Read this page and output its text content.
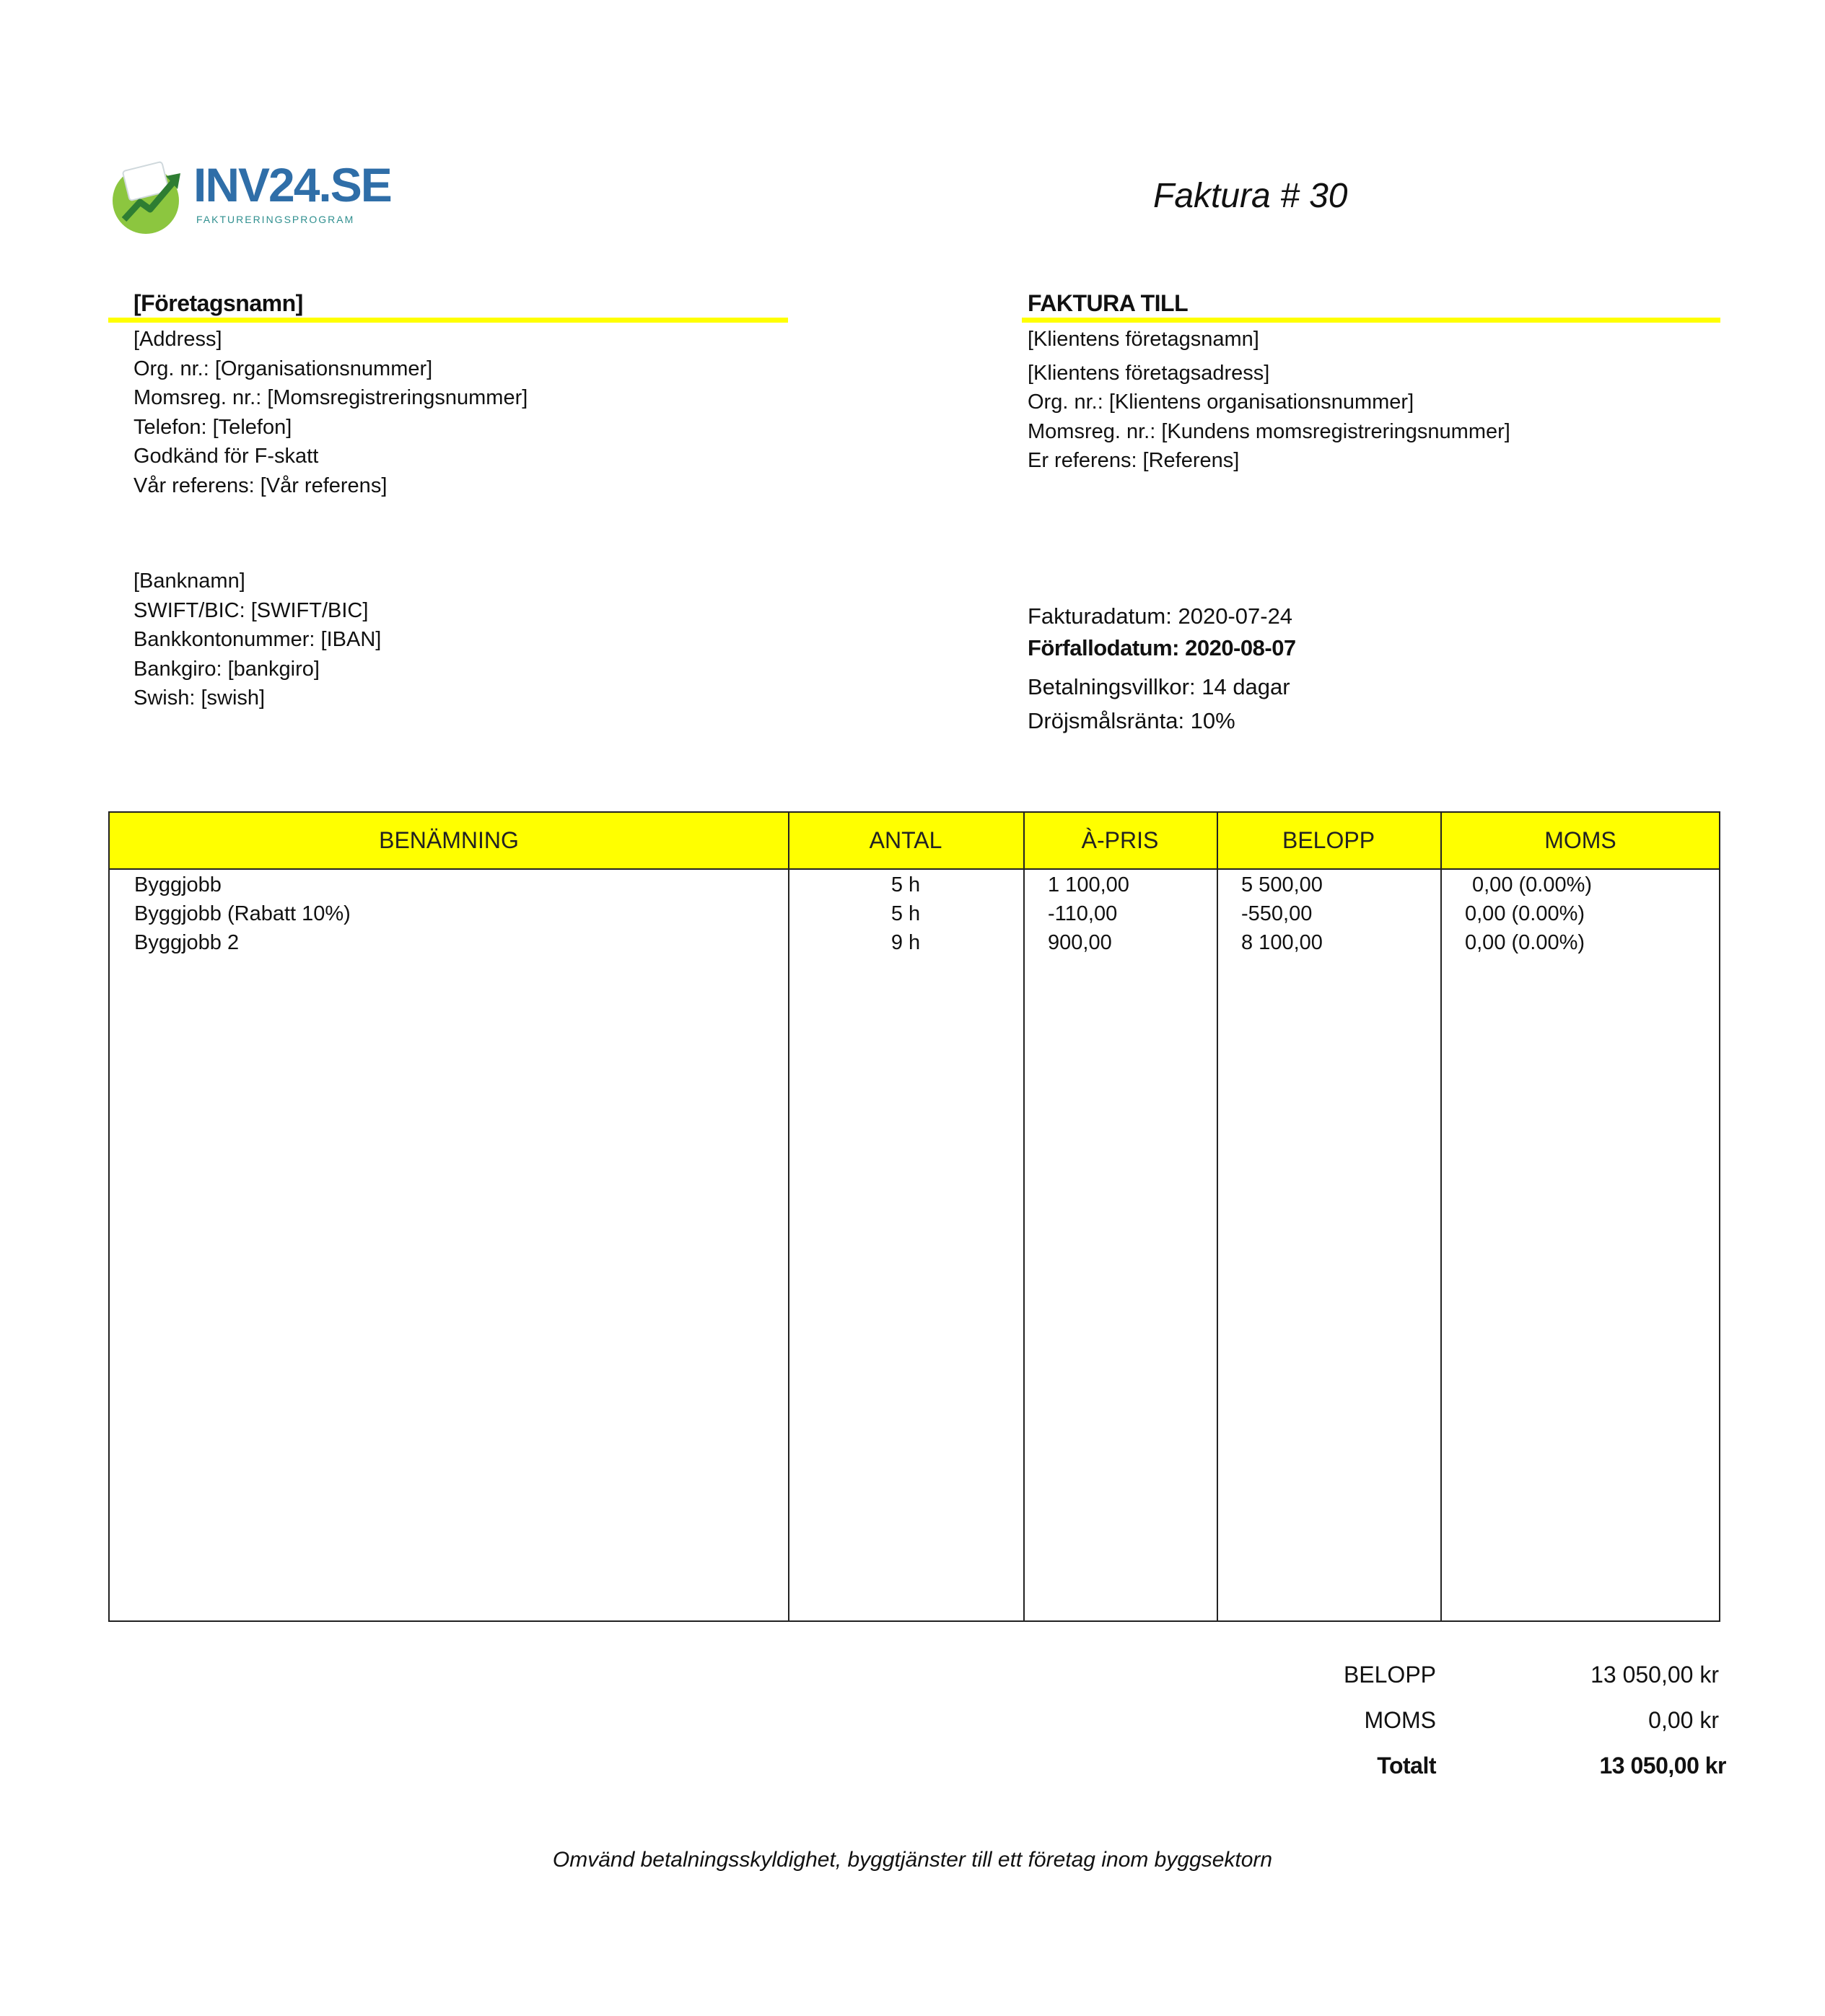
INV24.SE
FAKTURERINGSPROGRAM
Faktura # 30
[Företagsnamn]
[Address]
Org. nr.: [Organisationsnummer]
Momsreg. nr.: [Momsregistreringsnummer]
Telefon: [Telefon]
Godkänd för F-skatt
Vår referens: [Vår referens]
FAKTURA TILL
[Klientens företagsnamn]
[Klientens företagsadress]
Org. nr.: [Klientens organisationsnummer]
Momsreg. nr.: [Kundens momsregistreringsnummer]
Er referens: [Referens]
[Banknamn]
SWIFT/BIC: [SWIFT/BIC]
Bankkontonummer: [IBAN]
Bankgiro: [bankgiro]
Swish: [swish]
Fakturadatum: 2020-07-24
Förfallodatum: 2020-08-07
Betalningsvillkor: 14 dagar
Dröjsmålsränta: 10%
BENÄMNING	ANTAL	À-PRIS	BELOPP	MOMS
Byggjobb	5 h	1 100,00	5 500,00	0,00 (0.00%)
Byggjobb (Rabatt 10%)	5 h	-110,00	-550,00	0,00 (0.00%)
Byggjobb 2	9 h	900,00	8 100,00	0,00 (0.00%)
BELOPP	13 050,00 kr
MOMS	0,00 kr
Totalt	13 050,00 kr
Omvänd betalningsskyldighet, byggtjänster till ett företag inom byggsektorn
